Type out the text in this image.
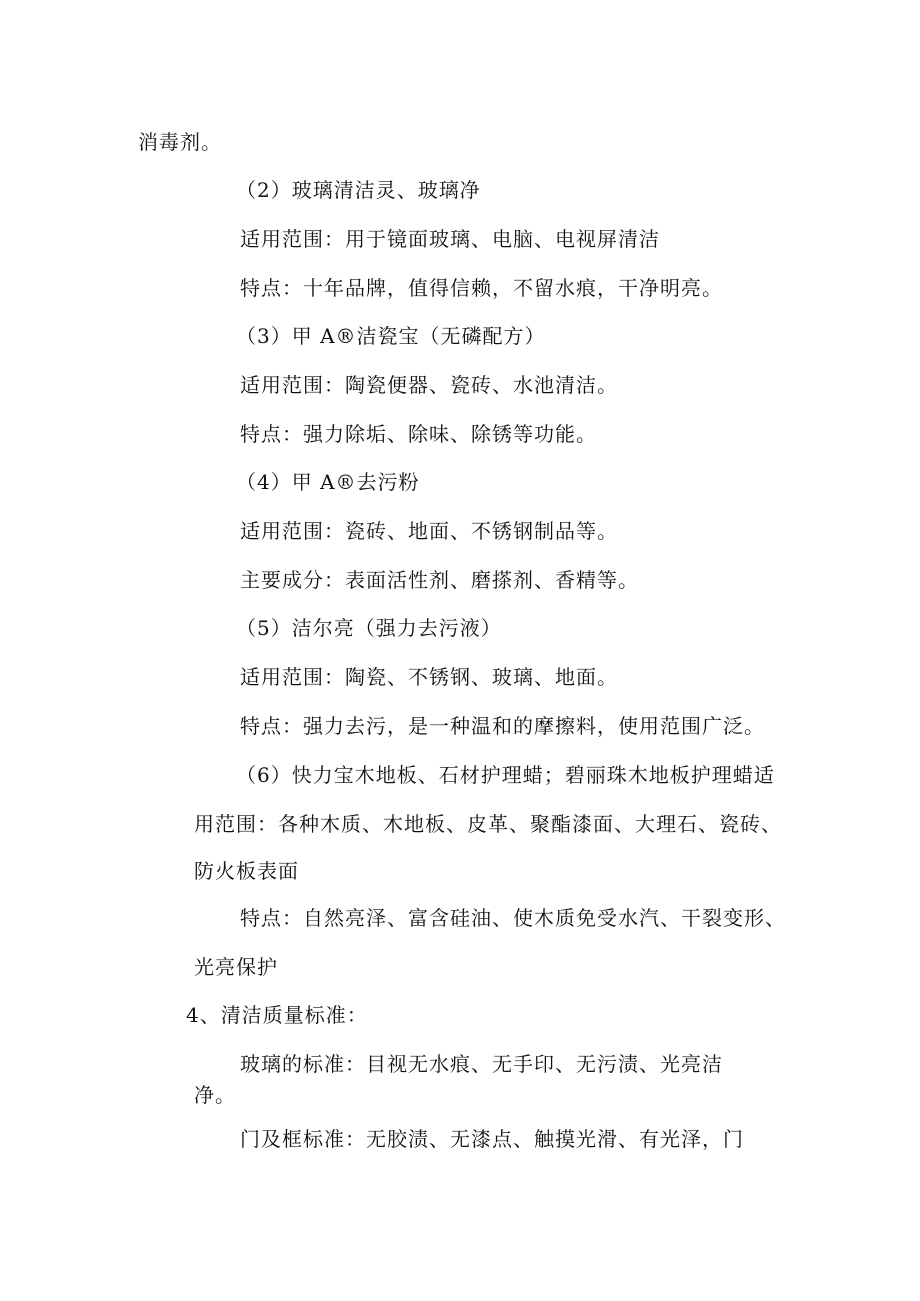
消毒剂。

（2）玻璃清洁灵、玻璃净

适用范围：用于镜面玻璃、电脑、电视屏清洁

特点：十年品牌，值得信赖，不留水痕，干净明亮。

（3）甲 A®洁瓷宝（无磷配方）

适用范围：陶瓷便器、瓷砖、水池清洁。

特点：强力除垢、除味、除锈等功能。

（4）甲 A®去污粉

适用范围：瓷砖、地面、不锈钢制品等。

主要成分：表面活性剂、磨搽剂、香精等。

（5）洁尔亮（强力去污液）

适用范围：陶瓷、不锈钢、玻璃、地面。

特点：强力去污，是一种温和的摩擦料，使用范围广泛。

（6）快力宝木地板、石材护理蜡；碧丽珠木地板护理蜡适

用范围：各种木质、木地板、皮革、聚酯漆面、大理石、瓷砖、

防火板表面

特点：自然亮泽、富含硅油、使木质免受水汽、干裂变形、

光亮保护

4、清洁质量标准：

玻璃的标准：目视无水痕、无手印、无污渍、光亮洁

净。

门及框标准：无胶渍、无漆点、触摸光滑、有光泽，门
